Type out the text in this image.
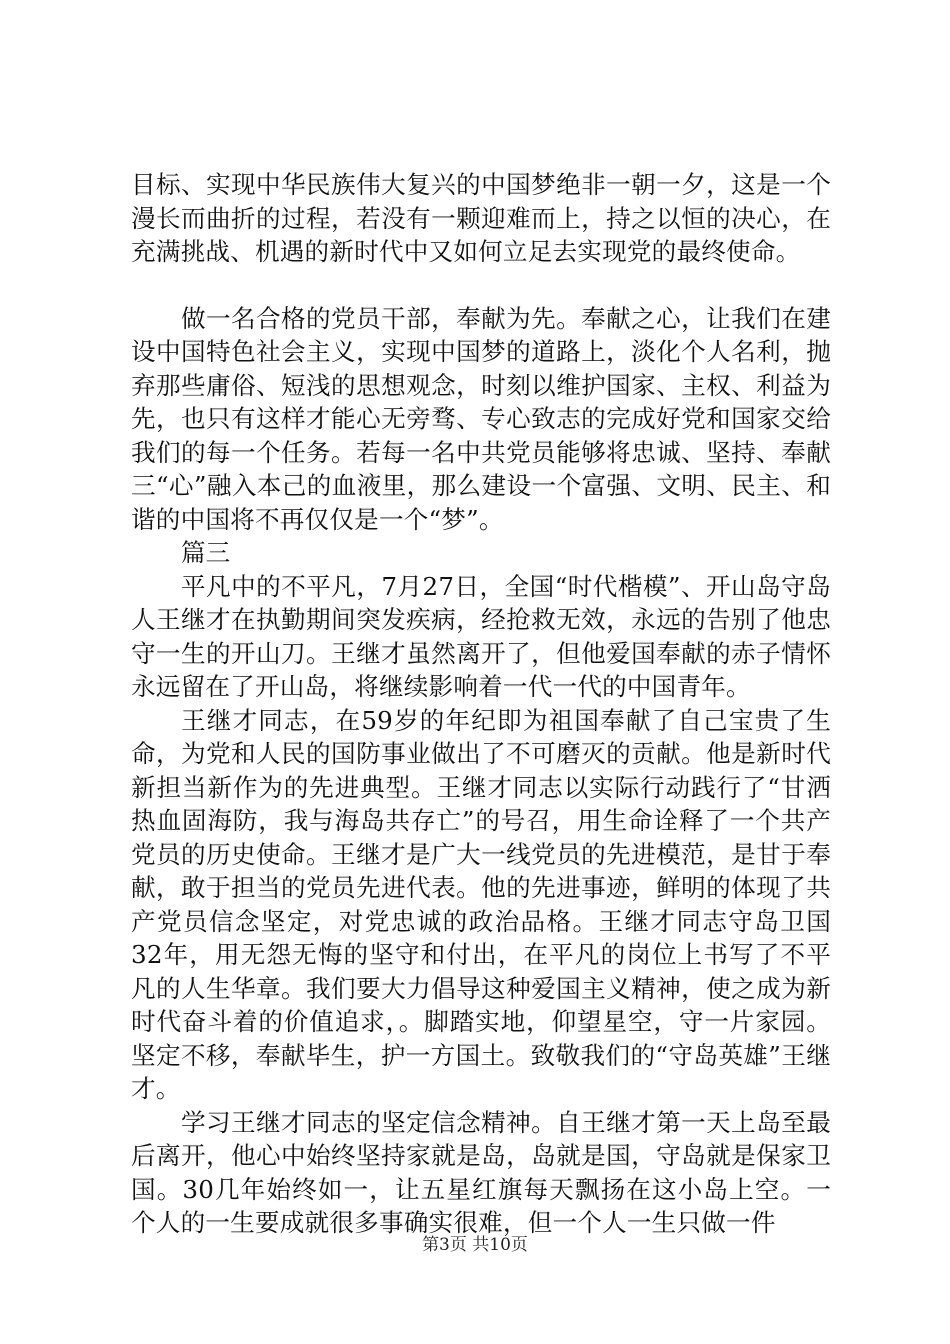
目标、实现中华民族伟大复兴的中国梦绝非一朝一夕，这是一个漫长而曲折的过程，若没有一颗迎难而上，持之以恒的决心，在充满挑战、机遇的新时代中又如何立足去实现党的最终使命。

做一名合格的党员干部，奉献为先。奉献之心，让我们在建设中国特色社会主义，实现中国梦的道路上，淡化个人名利，抛弃那些庸俗、短浅的思想观念，时刻以维护国家、主权、利益为先，也只有这样才能心无旁骛、专心致志的完成好党和国家交给我们的每一个任务。若每一名中共党员能够将忠诚、坚持、奉献三“心”融入本己的血液里，那么建设一个富强、文明、民主、和谐的中国将不再仅仅是一个“梦”。

篇三

平凡中的不平凡，7月27日，全国“时代楷模”、开山岛守岛人王继才在执勤期间突发疾病，经抢救无效，永远的告别了他忠守一生的开山刀。王继才虽然离开了，但他爱国奉献的赤子情怀永远留在了开山岛，将继续影响着一代一代的中国青年。

王继才同志，在59岁的年纪即为祖国奉献了自己宝贵了生命，为党和人民的国防事业做出了不可磨灭的贡献。他是新时代新担当新作为的先进典型。王继才同志以实际行动践行了“甘洒热血固海防，我与海岛共存亡”的号召，用生命诠释了一个共产党员的历史使命。王继才是广大一线党员的先进模范，是甘于奉献，敢于担当的党员先进代表。他的先进事迹，鲜明的体现了共产党员信念坚定，对党忠诚的政治品格。王继才同志守岛卫国32年，用无怨无悔的坚守和付出，在平凡的岗位上书写了不平凡的人生华章。我们要大力倡导这种爱国主义精神，使之成为新时代奋斗着的价值追求，。脚踏实地，仰望星空，守一片家园。坚定不移，奉献毕生，护一方国土。致敬我们的“守岛英雄”王继才。

学习王继才同志的坚定信念精神。自王继才第一天上岛至最后离开，他心中始终坚持家就是岛，岛就是国，守岛就是保家卫国。30几年始终如一，让五星红旗每天飘扬在这小岛上空。一个人的一生要成就很多事确实很难，但一个人一生只做一件

第3页 共10页
